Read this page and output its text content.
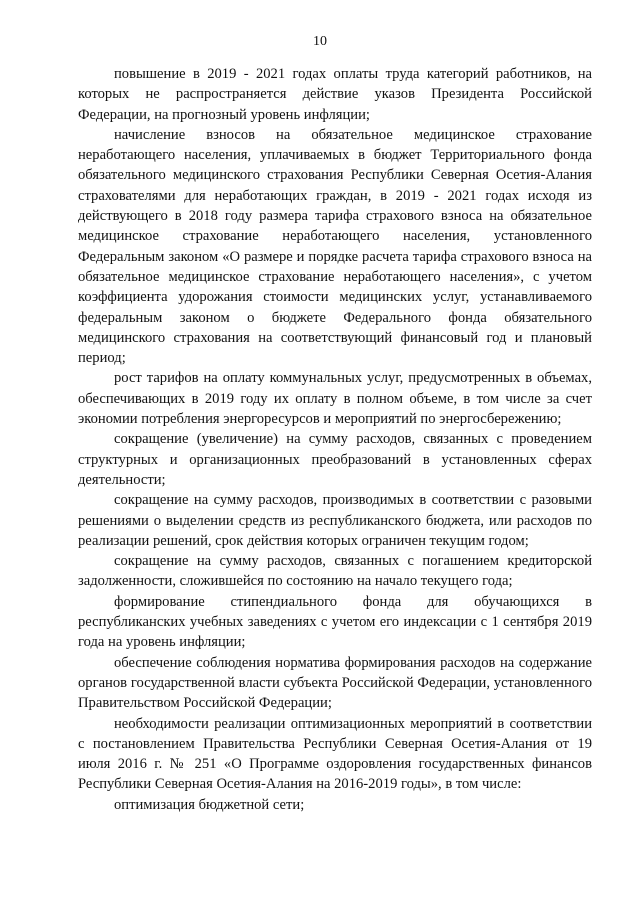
10

повышение в 2019 - 2021 годах оплаты труда категорий работников, на которых не распространяется действие указов Президента Российской Федерации, на прогнозный уровень инфляции;

начисление взносов на обязательное медицинское страхование неработающего населения, уплачиваемых в бюджет Территориального фонда обязательного медицинского страхования Республики Северная Осетия-Алания страхователями для неработающих граждан, в 2019 - 2021 годах исходя из действующего в 2018 году размера тарифа страхового взноса на обязательное медицинское страхование неработающего населения, установленного Федеральным законом «О размере и порядке расчета тарифа страхового взноса на обязательное медицинское страхование неработающего населения», с учетом коэффициента удорожания стоимости медицинских услуг, устанавливаемого федеральным законом о бюджете Федерального фонда обязательного медицинского страхования на соответствующий финансовый год и плановый период;

рост тарифов на оплату коммунальных услуг, предусмотренных в объемах, обеспечивающих в 2019 году их оплату в полном объеме, в том числе за счет экономии потребления энергоресурсов и мероприятий по энергосбережению;

сокращение (увеличение) на сумму расходов, связанных с проведением структурных и организационных преобразований в установленных сферах деятельности;

сокращение на сумму расходов, производимых в соответствии с разовыми решениями о выделении средств из республиканского бюджета, или расходов по реализации решений, срок действия которых ограничен текущим годом;

сокращение на сумму расходов, связанных с погашением кредиторской задолженности, сложившейся по состоянию на начало текущего года;

формирование стипендиального фонда для обучающихся в республиканских учебных заведениях с учетом его индексации с 1 сентября 2019 года на уровень инфляции;

обеспечение соблюдения норматива формирования расходов на содержание органов государственной власти субъекта Российской Федерации, установленного Правительством Российской Федерации;

необходимости реализации оптимизационных мероприятий в соответствии с постановлением Правительства Республики Северная Осетия-Алания от 19 июля 2016 г. № 251 «О Программе оздоровления государственных финансов Республики Северная Осетия-Алания на 2016-2019 годы», в том числе:

оптимизация бюджетной сети;
